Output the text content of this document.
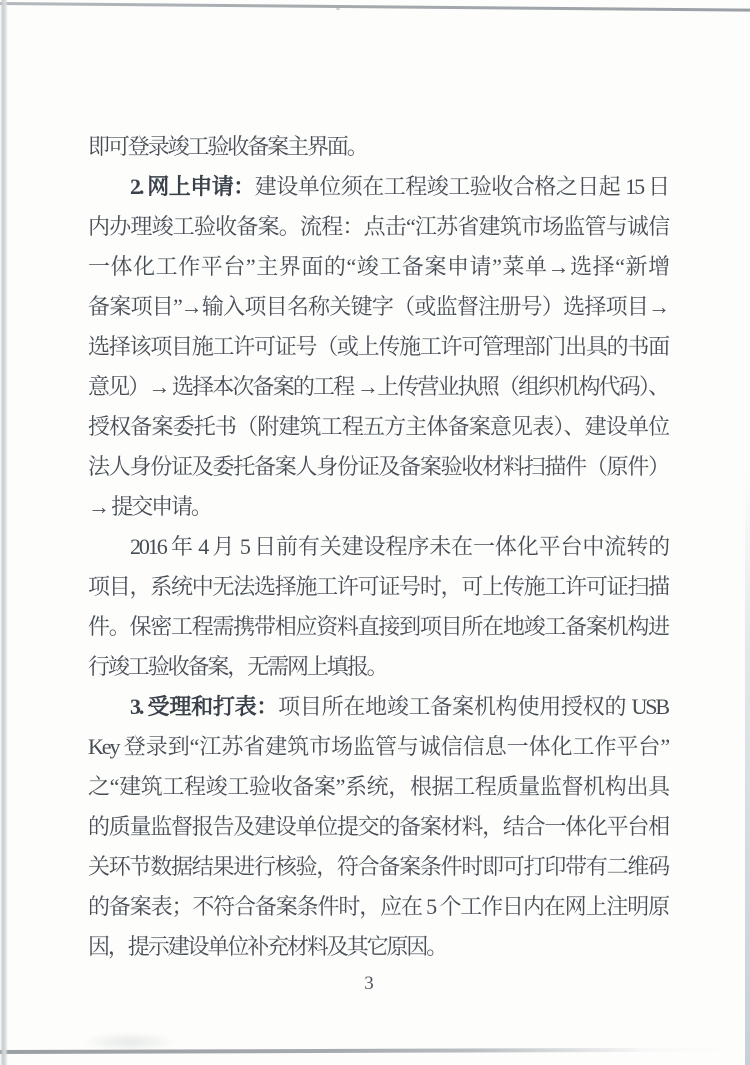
即可登录竣工验收备案主界面。
2. 网上申请：建设单位须在工程竣工验收合格之日起 15 日
内办理竣工验收备案。流程：点击“江苏省建筑市场监管与诚信
一体化工作平台”主界面的“竣工备案申请”菜单→选择“新增
备案项目”→输入项目名称关键字（或监督注册号）选择项目→
选择该项目施工许可证号（或上传施工许可管理部门出具的书面
意见）→ 选择本次备案的工程 →上传营业执照（组织机构代码）、
授权备案委托书（附建筑工程五方主体备案意见表）、建设单位
法人身份证及委托备案人身份证及备案验收材料扫描件（原件）
→ 提交申请。
2016 年 4 月 5 日前有关建设程序未在一体化平台中流转的
项目，系统中无法选择施工许可证号时，可上传施工许可证扫描
件。保密工程需携带相应资料直接到项目所在地竣工备案机构进
行竣工验收备案，无需网上填报。
3. 受理和打表：项目所在地竣工备案机构使用授权的 USB
Key 登录到“江苏省建筑市场监管与诚信信息一体化工作平台”
之“建筑工程竣工验收备案”系统，根据工程质量监督机构出具
的质量监督报告及建设单位提交的备案材料，结合一体化平台相
关环节数据结果进行核验，符合备案条件时即可打印带有二维码
的备案表；不符合备案条件时，应在 5 个工作日内在网上注明原
因，提示建设单位补充材料及其它原因。
3
